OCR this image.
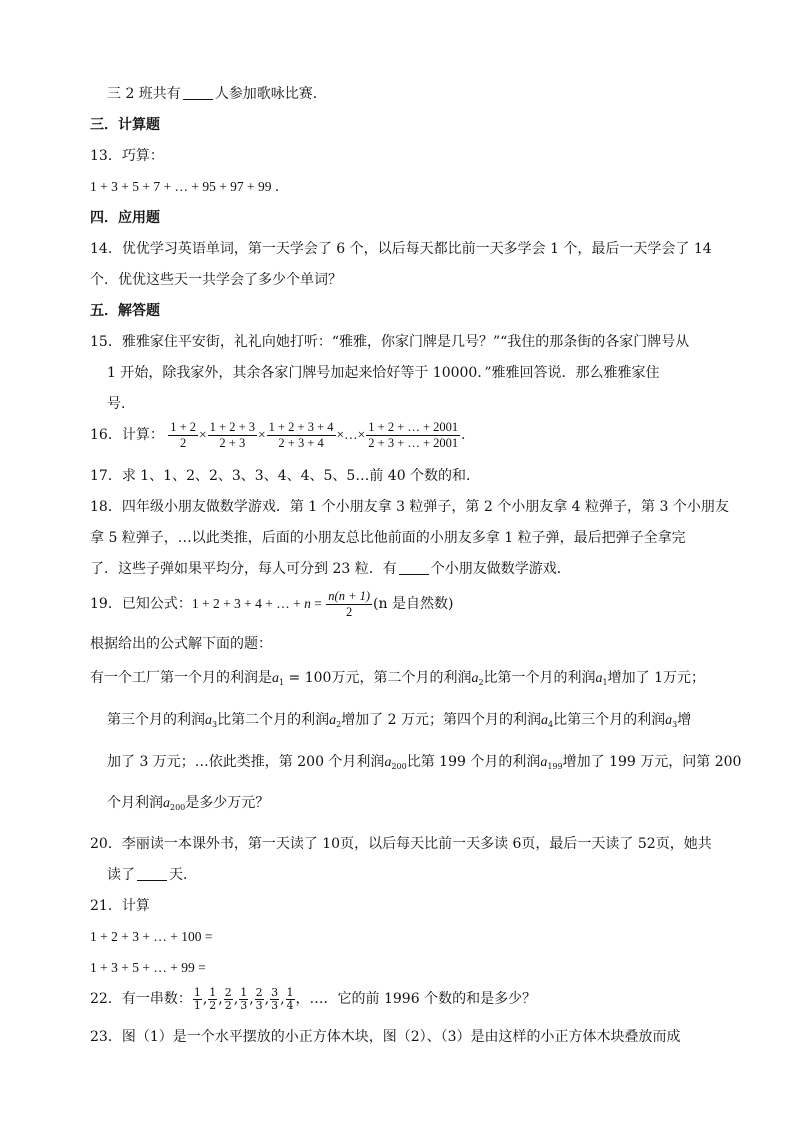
三 2 班共有 人参加歌咏比赛．
三．计算题
13．巧算：
1 + 3 + 5 + 7 + … + 95 + 97 + 99 ．
四．应用题
14．优优学习英语单词，第一天学会了 6 个，以后每天都比前一天多学会 1 个，最后一天学会了 14
个．优优这些天一共学会了多少个单词？
五．解答题
15．雅雅家住平安街，礼礼向她打听：“雅雅，你家门牌是几号？”“我住的那条街的各家门牌号从
1 开始，除我家外，其余各家门牌号加起来恰好等于 10000．”雅雅回答说．那么雅雅家住
号．
16．计算： $\frac{1 + 2}{2} \times \frac{1 + 2 + 3}{2 + 3} \times \frac{1 + 2 + 3 + 4}{2 + 3 + 4}$ ×…× $\frac{1 + 2 + \dots + 2001}{2 + 3 + \dots + 2001}$ ．
17．求 1、1、2、2、3、3、4、4、5、5…前 40 个数的和．
18．四年级小朋友做数学游戏．第 1 个小朋友拿 3 粒弹子，第 2 个小朋友拿 4 粒弹子，第 3 个小朋友
拿 5 粒弹子，…以此类推，后面的小朋友总比他前面的小朋友多拿 1 粒子弹，最后把弹子全拿完
了．这些子弹如果平均分，每人可分到 23 粒．有 个小朋友做数学游戏．
19．已知公式：1 + 2 + 3 + 4 + … + $n = \frac{n(n + 1)}{2} (n$ 是自然数)
根据给出的公式解下面的题：
有一个工厂第一个月的利润是$a_1 = 100$万元，第二个月的利润$a_2$比第一个月的利润$a_1$增加了 1万元；
第三个月的利润$a_3$比第二个月的利润$a_2$增加了 2 万元；第四个月的利润$a_4$比第三个月的利润$a_3$增
加了 3 万元；…依此类推，第 200 个月利润$a_{200}$比第 199 个月的利润$a_{199}$增加了 199 万元，问第 200
个月利润$a_{200}$是多少万元？
20．李丽读一本课外书，第一天读了 10页，以后每天比前一天多读 6页，最后一天读了 52页，她共
读了 天．
21．计算
1 + 2 + 3 + … + 100 =
1 + 3 + 5 + … + 99 =
22．有一串数： $\frac{1}{1}$ , $\frac{1}{2}$ , $\frac{2}{2}$ , $\frac{1}{3}$ , $\frac{2}{3}$ , $\frac{3}{3}$ , $\frac{1}{4}$ ，…．它的前 1996 个数的和是多少？
23．图（1）是一个水平摆放的小正方体木块，图（2）、（3）是由这样的小正方体木块叠放而成
